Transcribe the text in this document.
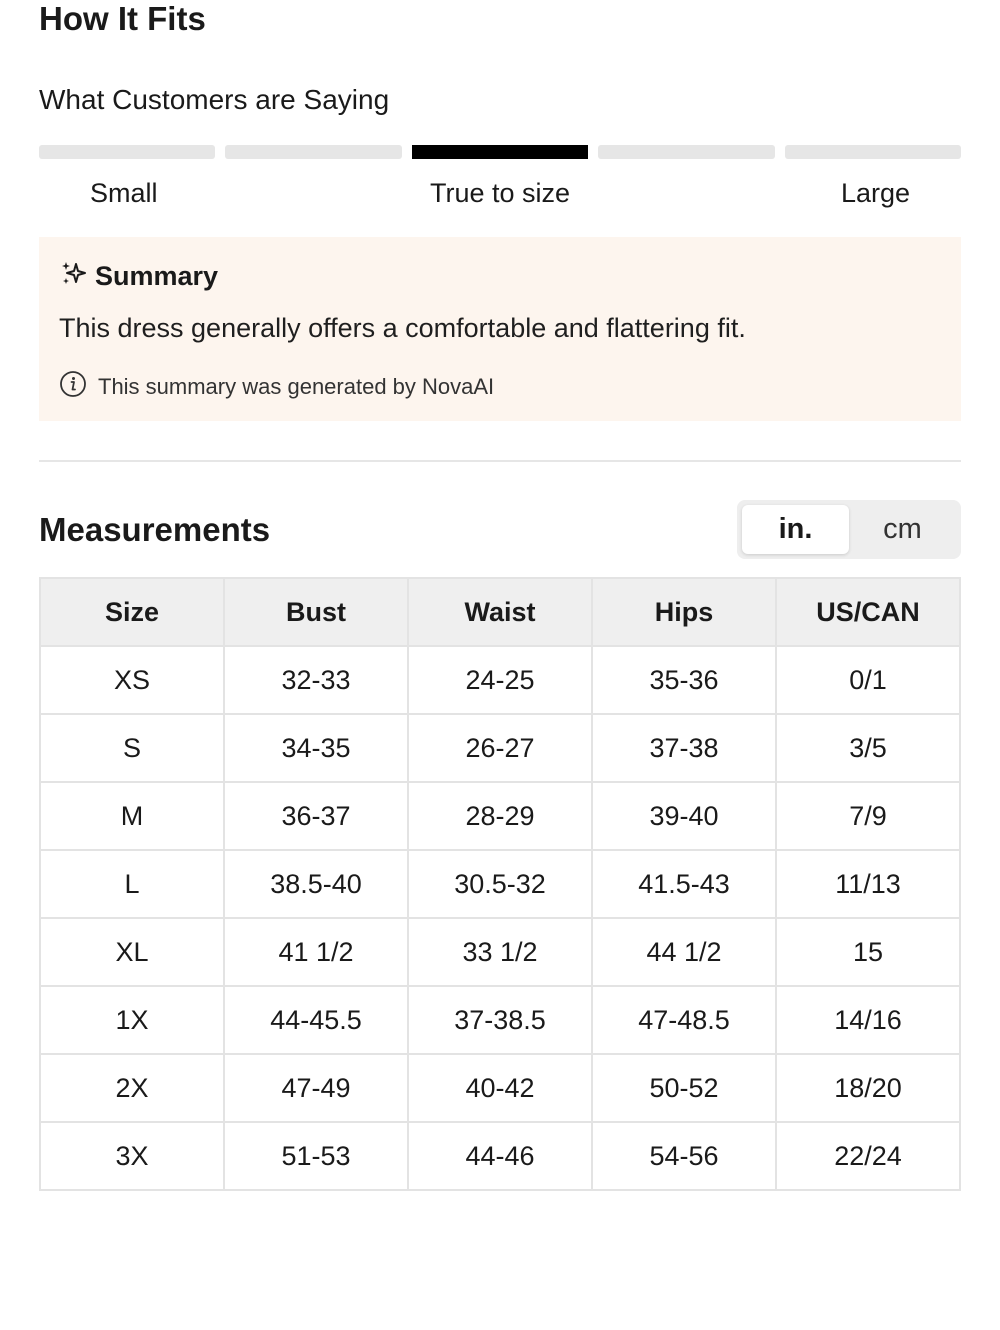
How It Fits
What Customers are Saying
Small	True to size	Large
Summary
This dress generally offers a comfortable and flattering fit.
This summary was generated by NovaAI
Measurements	in.	cm
Size	Bust	Waist	Hips	US/CAN
XS	32-33	24-25	35-36	0/1
S	34-35	26-27	37-38	3/5
M	36-37	28-29	39-40	7/9
L	38.5-40	30.5-32	41.5-43	11/13
XL	41 1/2	33 1/2	44 1/2	15
1X	44-45.5	37-38.5	47-48.5	14/16
2X	47-49	40-42	50-52	18/20
3X	51-53	44-46	54-56	22/24
